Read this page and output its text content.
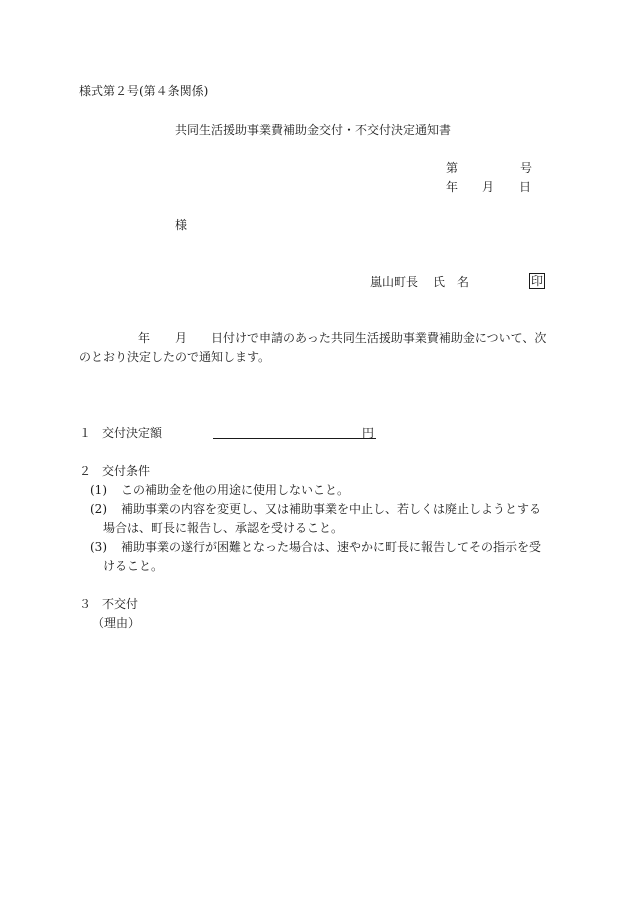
様式第２号(第４条関係)
共同生活援助事業費補助金交付・不交付決定通知書
第	号
年 月 日
様
嵐山町長 氏　名	印
年 月 日付けで申請のあった共同生活援助事業費補助金について、次
のとおり決定したので通知します。
１ 交付決定額	円
２ 交付条件
(1) この補助金を他の用途に使用しないこと。
(2) 補助事業の内容を変更し、又は補助事業を中止し、若しくは廃止しようとする
場合は、町長に報告し、承認を受けること。
(3) 補助事業の遂行が困難となった場合は、速やかに町長に報告してその指示を受
けること。
３ 不交付
（理由）
